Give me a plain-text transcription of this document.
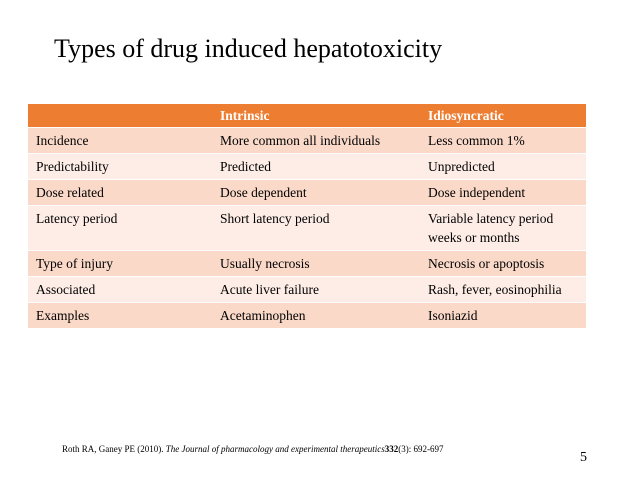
Types of drug induced hepatotoxicity
	Intrinsic	Idiosyncratic
Incidence	More common all individuals	Less common 1%
Predictability	Predicted	Unpredicted
Dose related	Dose dependent	Dose independent
Latency period	Short latency period	Variable latency period weeks or months
Type of injury	Usually necrosis	Necrosis or apoptosis
Associated	Acute liver failure	Rash, fever, eosinophilia
Examples	Acetaminophen	Isoniazid
Roth RA, Ganey PE (2010). The Journal of pharmacology and experimental therapeutics332(3): 692-697
5
